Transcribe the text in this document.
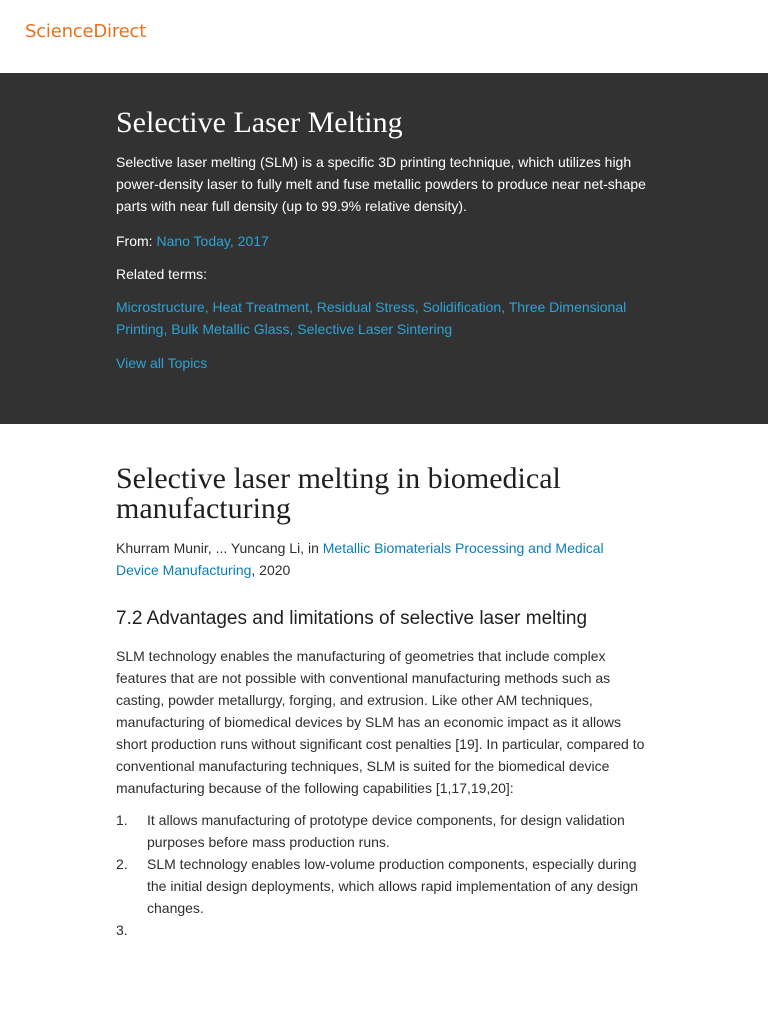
ScienceDirect
Selective Laser Melting

Selective laser melting (SLM) is a specific 3D printing technique, which utilizes high power-density laser to fully melt and fuse metallic powders to produce near net-shape parts with near full density (up to 99.9% relative density).

From: Nano Today, 2017

Related terms:

Microstructure, Heat Treatment, Residual Stress, Solidification, Three Dimensional Printing, Bulk Metallic Glass, Selective Laser Sintering

View all Topics
Selective laser melting in biomedical manufacturing

Khurram Munir, ... Yuncang Li, in Metallic Biomaterials Processing and Medical Device Manufacturing, 2020

7.2 Advantages and limitations of selective laser melting

SLM technology enables the manufacturing of geometries that include complex features that are not possible with conventional manufacturing methods such as casting, powder metallurgy, forging, and extrusion. Like other AM techniques, manufacturing of biomedical devices by SLM has an economic impact as it allows short production runs without significant cost penalties [19]. In particular, compared to conventional manufacturing techniques, SLM is suited for the biomedical device manufacturing because of the following capabilities [1,17,19,20]:

1. It allows manufacturing of prototype device components, for design validation purposes before mass production runs.
2. SLM technology enables low-volume production components, especially during the initial design deployments, which allows rapid implementation of any design changes.
3.
